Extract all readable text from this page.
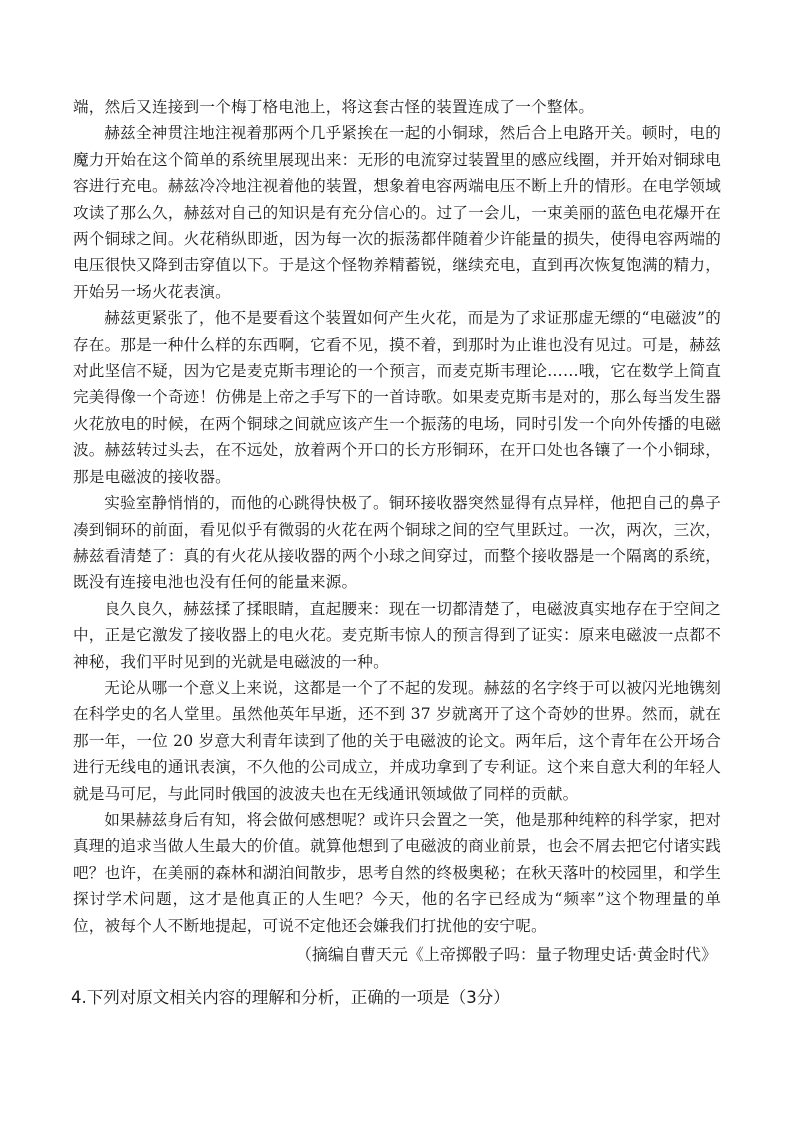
端，然后又连接到一个梅丁格电池上，将这套古怪的装置连成了一个整体。

赫兹全神贯注地注视着那两个几乎紧挨在一起的小铜球，然后合上电路开关。顿时，电的魔力开始在这个简单的系统里展现出来：无形的电流穿过装置里的感应线圈，并开始对铜球电容进行充电。赫兹冷冷地注视着他的装置，想象着电容两端电压不断上升的情形。在电学领域攻读了那么久，赫兹对自己的知识是有充分信心的。过了一会儿，一束美丽的蓝色电花爆开在两个铜球之间。火花稍纵即逝，因为每一次的振荡都伴随着少许能量的损失，使得电容两端的电压很快又降到击穿值以下。于是这个怪物养精蓄锐，继续充电，直到再次恢复饱满的精力，开始另一场火花表演。

赫兹更紧张了，他不是要看这个装置如何产生火花，而是为了求证那虚无缥的“电磁波”的存在。那是一种什么样的东西啊，它看不见，摸不着，到那时为止谁也没有见过。可是，赫兹对此坚信不疑，因为它是麦克斯韦理论的一个预言，而麦克斯韦理论……哦，它在数学上简直完美得像一个奇迹！仿佛是上帝之手写下的一首诗歌。如果麦克斯韦是对的，那么每当发生器火花放电的时候，在两个铜球之间就应该产生一个振荡的电场，同时引发一个向外传播的电磁波。赫兹转过头去，在不远处，放着两个开口的长方形铜环，在开口处也各镶了一个小铜球，那是电磁波的接收器。

实验室静悄悄的，而他的心跳得快极了。铜环接收器突然显得有点异样，他把自己的鼻子凑到铜环的前面，看见似乎有微弱的火花在两个铜球之间的空气里跃过。一次，两次，三次，赫兹看清楚了：真的有火花从接收器的两个小球之间穿过，而整个接收器是一个隔离的系统，既没有连接电池也没有任何的能量来源。

良久良久，赫兹揉了揉眼睛，直起腰来：现在一切都清楚了，电磁波真实地存在于空间之中，正是它激发了接收器上的电火花。麦克斯韦惊人的预言得到了证实：原来电磁波一点都不神秘，我们平时见到的光就是电磁波的一种。

无论从哪一个意义上来说，这都是一个了不起的发现。赫兹的名字终于可以被闪光地镌刻在科学史的名人堂里。虽然他英年早逝，还不到 37 岁就离开了这个奇妙的世界。然而，就在那一年，一位 20 岁意大利青年读到了他的关于电磁波的论文。两年后，这个青年在公开场合进行无线电的通讯表演，不久他的公司成立，并成功拿到了专利证。这个来自意大利的年轻人就是马可尼，与此同时俄国的波波夫也在无线通讯领域做了同样的贡献。

如果赫兹身后有知，将会做何感想呢？或许只会置之一笑，他是那种纯粹的科学家，把对真理的追求当做人生最大的价值。就算他想到了电磁波的商业前景，也会不屑去把它付诸实践吧？也许，在美丽的森林和湖泊间散步，思考自然的终极奥秘；在秋天落叶的校园里，和学生探讨学术问题，这才是他真正的人生吧？今天，他的名字已经成为“频率”这个物理量的单位，被每个人不断地提起，可说不定他还会嫌我们打扰他的安宁呢。

（摘编自曹天元《上帝掷骰子吗：量子物理史话·黄金时代》

4.下列对原文相关内容的理解和分析，正确的一项是（3分）
